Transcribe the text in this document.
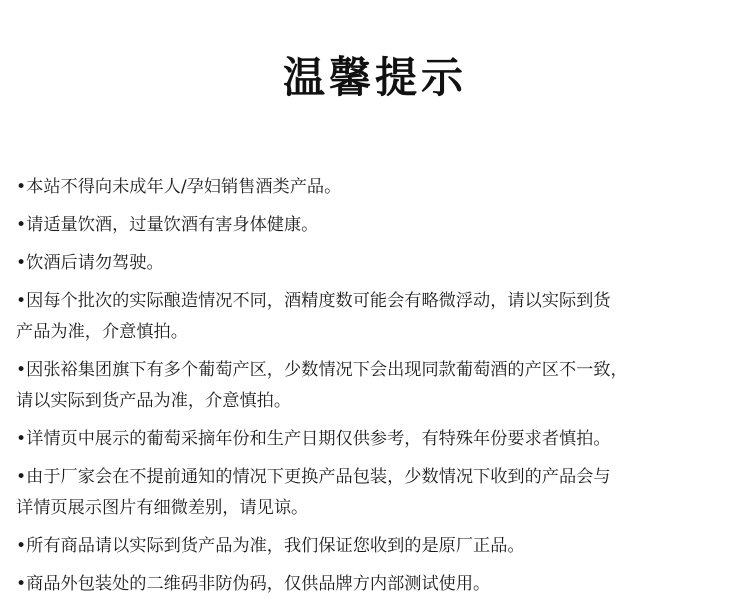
温馨提示
•本站不得向未成年人/孕妇销售酒类产品。
•请适量饮酒，过量饮酒有害身体健康。
•饮酒后请勿驾驶。
•因每个批次的实际酿造情况不同，酒精度数可能会有略微浮动，请以实际到货
产品为准，介意慎拍。
•因张裕集团旗下有多个葡萄产区，少数情况下会出现同款葡萄酒的产区不一致，
请以实际到货产品为准，介意慎拍。
•详情页中展示的葡萄采摘年份和生产日期仅供参考，有特殊年份要求者慎拍。
•由于厂家会在不提前通知的情况下更换产品包装，少数情况下收到的产品会与
详情页展示图片有细微差别，请见谅。
•所有商品请以实际到货产品为准，我们保证您收到的是原厂正品。
•商品外包装处的二维码非防伪码，仅供品牌方内部测试使用。
